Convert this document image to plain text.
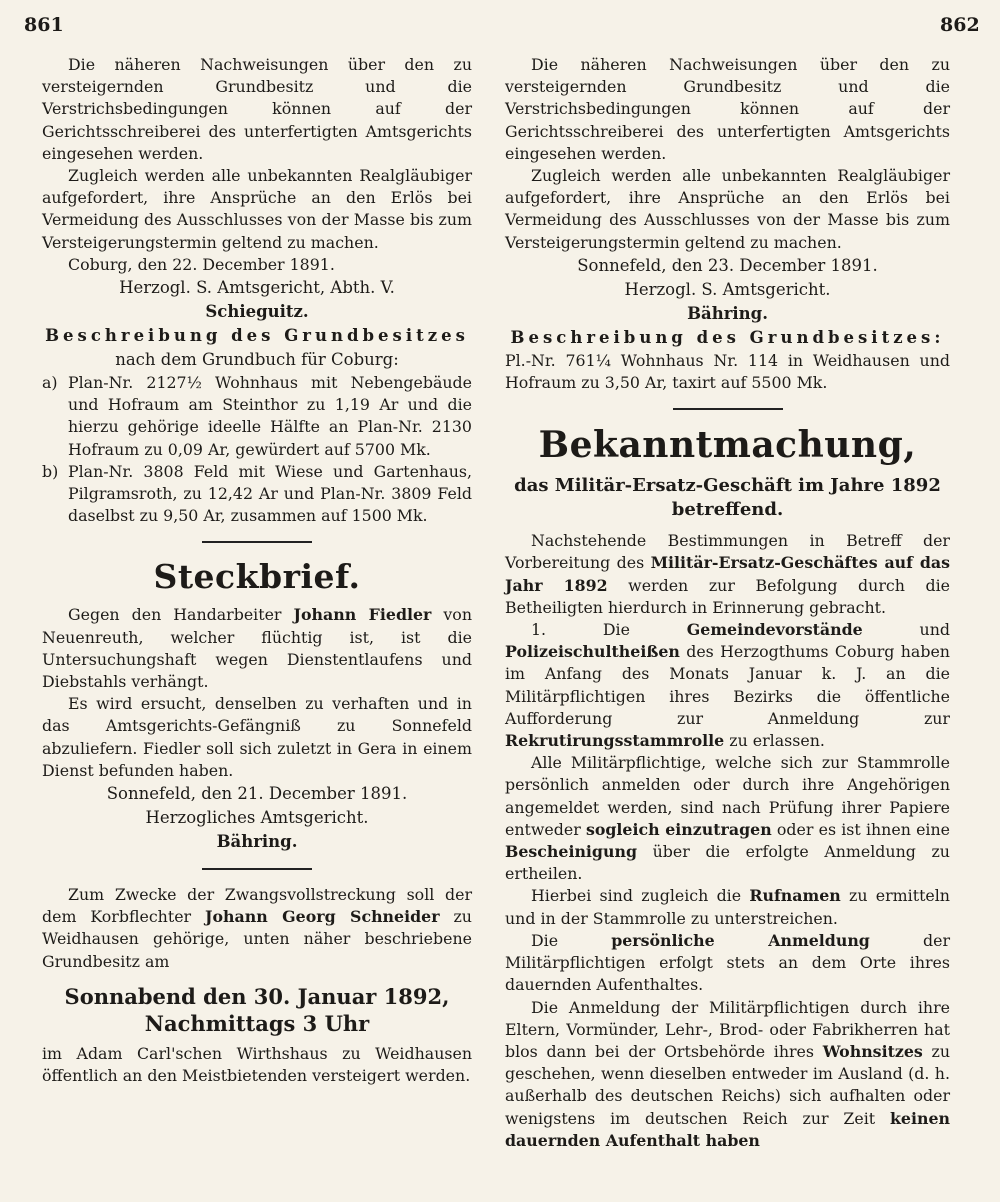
861	862

Die näheren Nachweisungen über den zu versteigernden Grundbesitz und die Verstrichsbedingungen können auf der Gerichtsschreiberei des unterfertigten Amtsgerichts eingesehen werden.

Zugleich werden alle unbekannten Realgläubiger aufgefordert, ihre Ansprüche an den Erlös bei Vermeidung des Ausschlusses von der Masse bis zum Versteigerungstermin geltend zu machen.

Coburg, den 22. December 1891.

Herzogl. S. Amtsgericht, Abth. V.

Schieguitz.

Beschreibung des Grundbesitzes

nach dem Grundbuch für Coburg:

a) Plan-Nr. 2127½ Wohnhaus mit Nebengebäude und Hofraum am Steinthor zu 1,19 Ar und die hierzu gehörige ideelle Hälfte an Plan-Nr. 2130 Hofraum zu 0,09 Ar, gewürdert auf 5700 Mk.
b) Plan-Nr. 3808 Feld mit Wiese und Gartenhaus, Pilgramsroth, zu 12,42 Ar und Plan-Nr. 3809 Feld daselbst zu 9,50 Ar, zusammen auf 1500 Mk.
Steckbrief.

Gegen den Handarbeiter Johann Fiedler von Neuenreuth, welcher flüchtig ist, ist die Untersuchungshaft wegen Dienstentlaufens und Diebstahls verhängt.

Es wird ersucht, denselben zu verhaften und in das Amtsgerichts-Gefängniß zu Sonnefeld abzuliefern. Fiedler soll sich zuletzt in Gera in einem Dienst befunden haben.

Sonnefeld, den 21. December 1891.

Herzogliches Amtsgericht.

Bähring.

Zum Zwecke der Zwangsvollstreckung soll der dem Korbflechter Johann Georg Schneider zu Weidhausen gehörige, unten näher beschriebene Grundbesitz am

Sonnabend den 30. Januar 1892,
Nachmittags 3 Uhr

im Adam Carl'schen Wirthshaus zu Weidhausen öffentlich an den Meistbietenden versteigert werden.

Die näheren Nachweisungen über den zu versteigernden Grundbesitz und die Verstrichsbedingungen können auf der Gerichtsschreiberei des unterfertigten Amtsgerichts eingesehen werden.

Zugleich werden alle unbekannten Realgläubiger aufgefordert, ihre Ansprüche an den Erlös bei Vermeidung des Ausschlusses von der Masse bis zum Versteigerungstermin geltend zu machen.

Sonnefeld, den 23. December 1891.

Herzogl. S. Amtsgericht.

Bähring.

Beschreibung des Grundbesitzes:

Pl.-Nr. 761¼ Wohnhaus Nr. 114 in Weidhausen und Hofraum zu 3,50 Ar, taxirt auf 5500 Mk.

Bekanntmachung,

das Militär-Ersatz-Geschäft im Jahre 1892 betreffend.

Nachstehende Bestimmungen in Betreff der Vorbereitung des Militär-Ersatz-Geschäftes auf das Jahr 1892 werden zur Befolgung durch die Betheiligten hierdurch in Erinnerung gebracht.

1. Die Gemeindevorstände und Polizeischultheißen des Herzogthums Coburg haben im Anfang des Monats Januar k. J. an die Militärpflichtigen ihres Bezirks die öffentliche Aufforderung zur Anmeldung zur Rekrutirungsstammrolle zu erlassen.

Alle Militärpflichtige, welche sich zur Stammrolle persönlich anmelden oder durch ihre Angehörigen angemeldet werden, sind nach Prüfung ihrer Papiere entweder sogleich einzutragen oder es ist ihnen eine Bescheinigung über die erfolgte Anmeldung zu ertheilen.

Hierbei sind zugleich die Rufnamen zu ermitteln und in der Stammrolle zu unterstreichen.

Die persönliche Anmeldung der Militärpflichtigen erfolgt stets an dem Orte ihres dauernden Aufenthaltes.

Die Anmeldung der Militärpflichtigen durch ihre Eltern, Vormünder, Lehr-, Brod- oder Fabrikherren hat blos dann bei der Ortsbehörde ihres Wohnsitzes zu geschehen, wenn dieselben entweder im Ausland (d. h. außerhalb des deutschen Reichs) sich aufhalten oder wenigstens im deutschen Reich zur Zeit keinen dauernden Aufenthalt haben
